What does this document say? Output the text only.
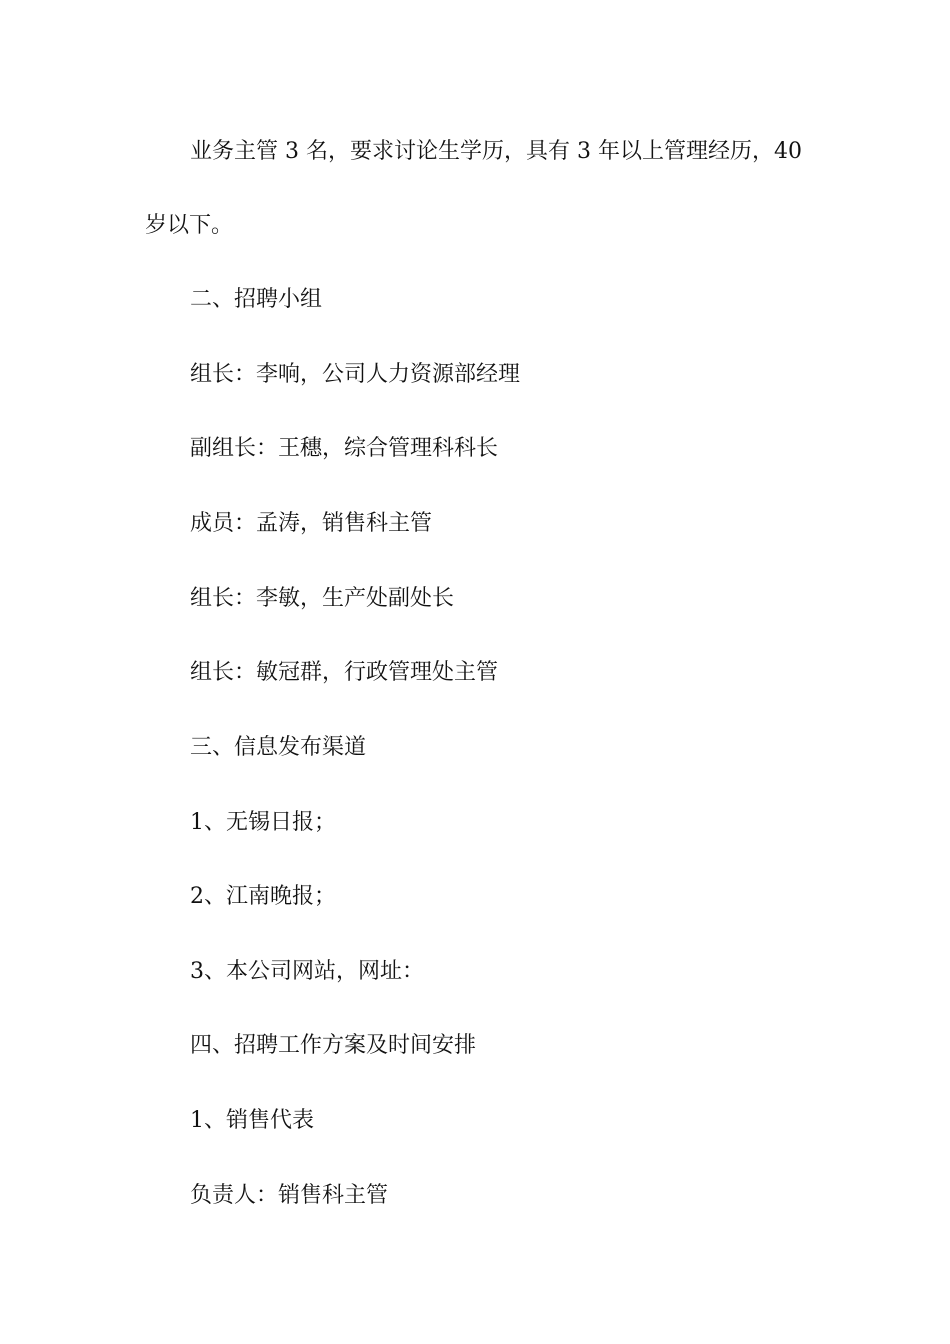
业务主管 3 名，要求讨论生学历，具有 3 年以上管理经历，40
岁以下。
二、招聘小组
组长：李响，公司人力资源部经理
副组长：王穗，综合管理科科长
成员：孟涛，销售科主管
组长：李敏，生产处副处长
组长：敏冠群，行政管理处主管
三、信息发布渠道
1、无锡日报；
2、江南晚报；
3、本公司网站，网址：
四、招聘工作方案及时间安排
1、销售代表
负责人：销售科主管
